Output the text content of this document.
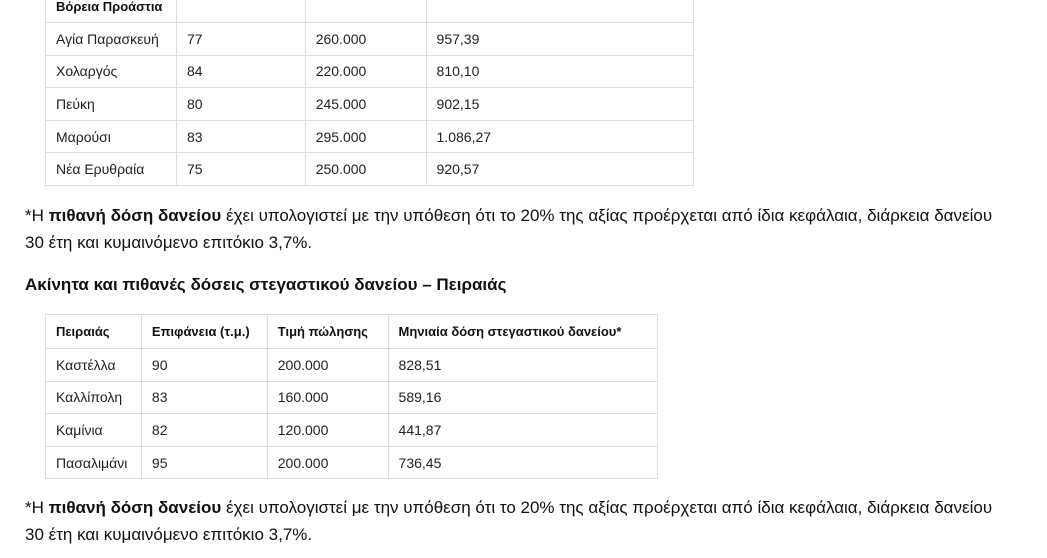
Βόρεια Προάστια			
Αγία Παρασκευή	77	260.000	957,39
Χολαργός	84	220.000	810,10
Πεύκη	80	245.000	902,15
Μαρούσι	83	295.000	1.086,27
Νέα Ερυθραία	75	250.000	920,57

*Η πιθανή δόση δανείου έχει υπολογιστεί με την υπόθεση ότι το 20% της αξίας προέρχεται από ίδια κεφάλαια, διάρκεια δανείου 30 έτη και κυμαινόμενο επιτόκιο 3,7%.

Ακίνητα και πιθανές δόσεις στεγαστικού δανείου – Πειραιάς
Πειραιάς	Επιφάνεια (τ.μ.)	Τιμή πώλησης	Μηνιαία δόση στεγαστικού δανείου*
Καστέλλα	90	200.000	828,51
Καλλίπολη	83	160.000	589,16
Καμίνια	82	120.000	441,87
Πασαλιμάνι	95	200.000	736,45

*Η πιθανή δόση δανείου έχει υπολογιστεί με την υπόθεση ότι το 20% της αξίας προέρχεται από ίδια κεφάλαια, διάρκεια δανείου 30 έτη και κυμαινόμενο επιτόκιο 3,7%.
